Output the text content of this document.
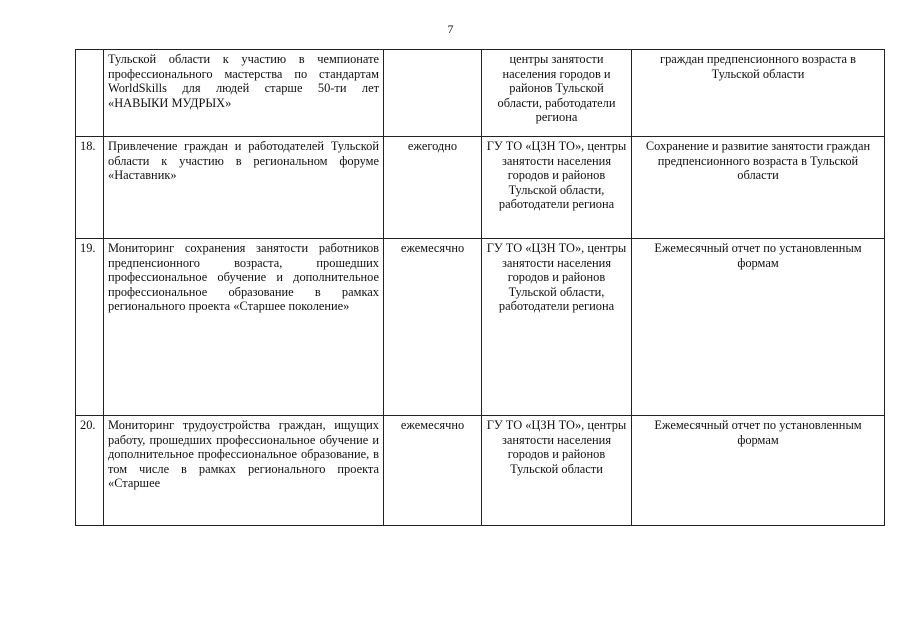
7
	Тульской области к участию в чемпионате профессионального мастерства по стандартам WorldSkills для людей старше 50-ти лет «НАВЫКИ МУДРЫХ»		центры занятости населения городов и районов Тульской области, работодатели региона	граждан предпенсионного возраста в Тульской области
18.	Привлечение граждан и работодателей Тульской области к участию в региональном форуме «Наставник»	ежегодно	ГУ ТО «ЦЗН ТО», центры занятости населения городов и районов Тульской области, работодатели региона	Сохранение и развитие занятости граждан предпенсионного возраста в Тульской области
19.	Мониторинг сохранения занятости работников предпенсионного возраста, прошедших профессиональное обучение и дополнительное профессиональное образование в рамках регионального проекта «Старшее поколение»	ежемесячно	ГУ ТО «ЦЗН ТО», центры занятости населения городов и районов Тульской области, работодатели региона	Ежемесячный отчет по установленным формам
20.	Мониторинг трудоустройства граждан, ищущих работу, прошедших профессиональное обучение и дополнительное профессиональное образование, в том числе в рамках регионального проекта «Старшее	ежемесячно	ГУ ТО «ЦЗН ТО», центры занятости населения городов и районов Тульской области	Ежемесячный отчет по установленным формам
